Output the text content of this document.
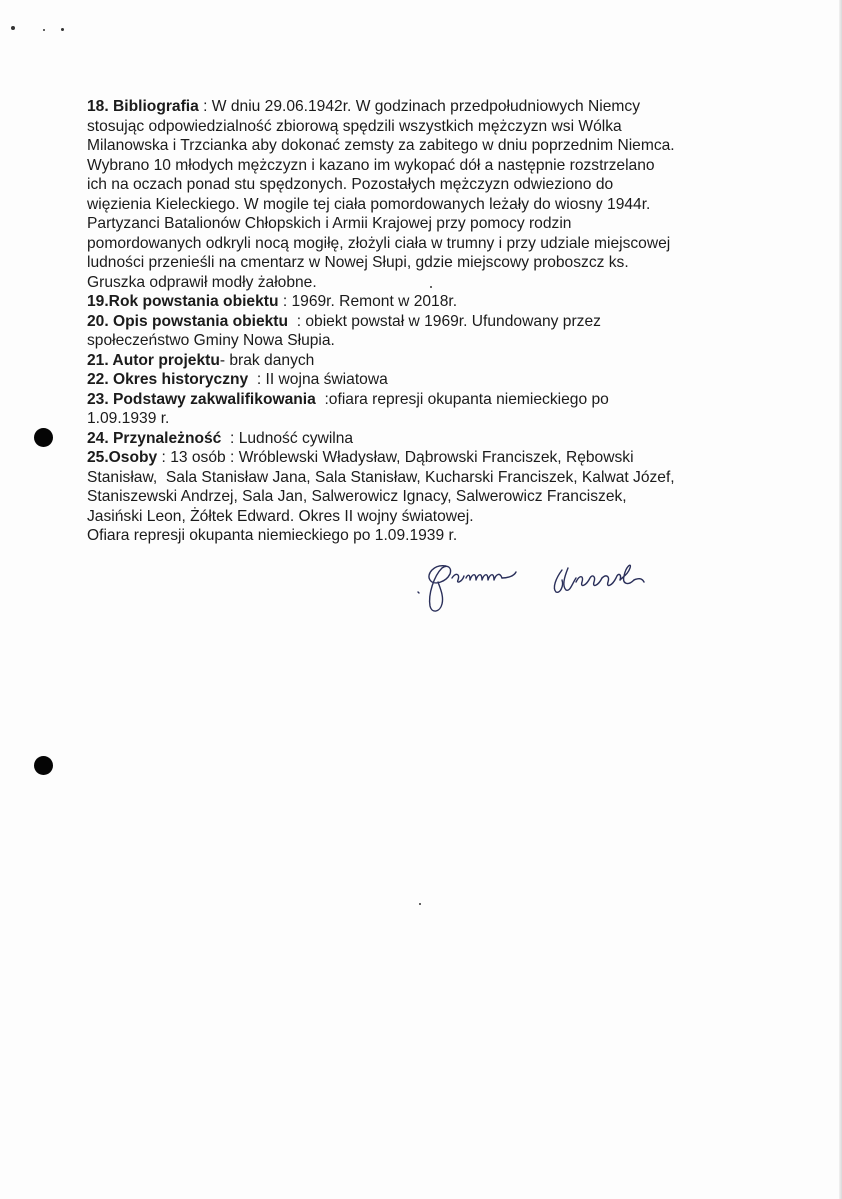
18. Bibliografia : W dniu 29.06.1942r. W godzinach przedpołudniowych Niemcy
stosując odpowiedzialność zbiorową spędzili wszystkich mężczyzn wsi Wólka
Milanowska i Trzcianka aby dokonać zemsty za zabitego w dniu poprzednim Niemca.
Wybrano 10 młodych mężczyzn i kazano im wykopać dół a następnie rozstrzelano
ich na oczach ponad stu spędzonych. Pozostałych mężczyzn odwieziono do
więzienia Kieleckiego. W mogile tej ciała pomordowanych leżały do wiosny 1944r.
Partyzanci Batalionów Chłopskich i Armii Krajowej przy pomocy rodzin
pomordowanych odkryli nocą mogiłę, złożyli ciała w trumny i przy udziale miejscowej
ludności przenieśli na cmentarz w Nowej Słupi, gdzie miejscowy proboszcz ks.
Gruszka odprawił modły żałobne.
19.Rok powstania obiektu : 1969r. Remont w 2018r.
20. Opis powstania obiektu  : obiekt powstał w 1969r. Ufundowany przez
społeczeństwo Gminy Nowa Słupia.
21. Autor projektu- brak danych
22. Okres historyczny  : II wojna światowa
23. Podstawy zakwalifikowania  :ofiara represji okupanta niemieckiego po
1.09.1939 r.
24. Przynależność  : Ludność cywilna
25.Osoby : 13 osób : Wróblewski Władysław, Dąbrowski Franciszek, Rębowski
Stanisław,  Sala Stanisław Jana, Sala Stanisław, Kucharski Franciszek, Kalwat Józef,
Staniszewski Andrzej, Sala Jan, Salwerowicz Ignacy, Salwerowicz Franciszek,
Jasiński Leon, Żółtek Edward. Okres II wojny światowej.
Ofiara represji okupanta niemieckiego po 1.09.1939 r.
